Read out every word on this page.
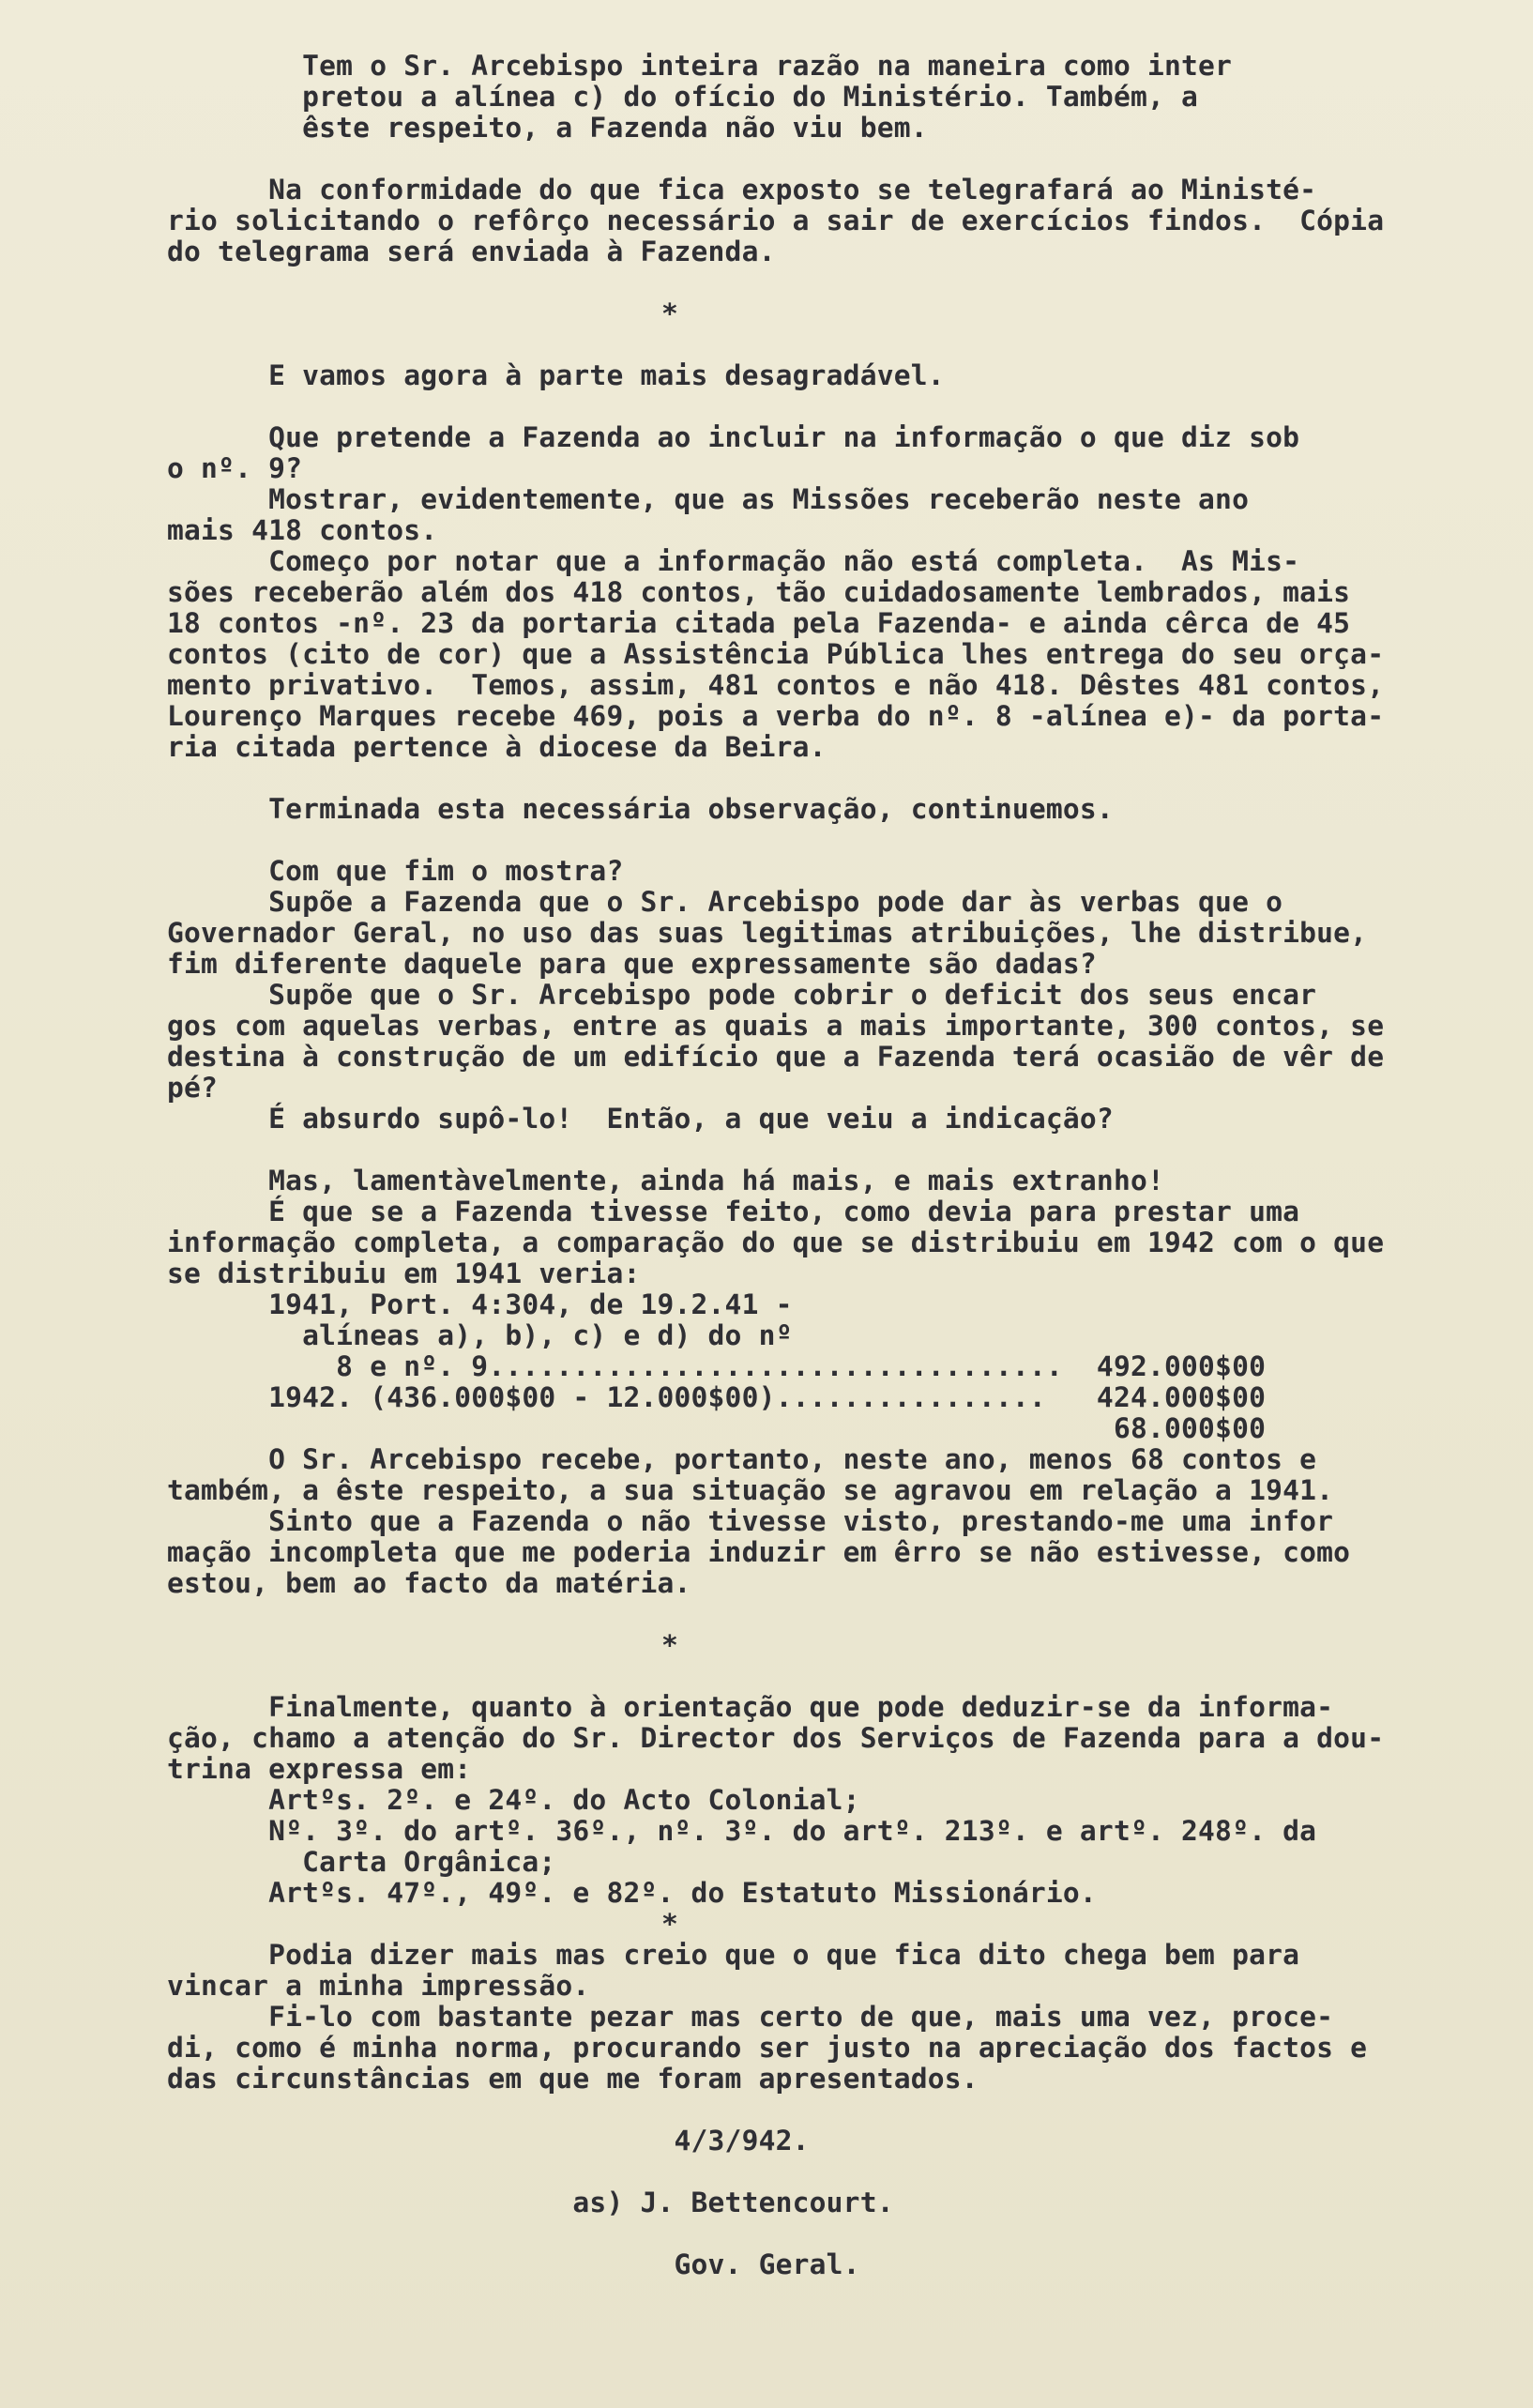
Tem o Sr. Arcebispo inteira razão na maneira como inter
pretou a alínea c) do ofício do Ministério. Também, a
êste respeito, a Fazenda não viu bem.

Na conformidade do que fica exposto se telegrafará ao Ministé-
rio solicitando o refôrço necessário a sair de exercícios findos.  Cópia
do telegrama será enviada à Fazenda.

*

E vamos agora à parte mais desagradável.

Que pretende a Fazenda ao incluir na informação o que diz sob
o nº. 9?
Mostrar, evidentemente, que as Missões receberão neste ano
mais 418 contos.
Começo por notar que a informação não está completa.  As Mis-
sões receberão além dos 418 contos, tão cuidadosamente lembrados, mais
18 contos -nº. 23 da portaria citada pela Fazenda- e ainda cêrca de 45
contos (cito de cor) que a Assistência Pública lhes entrega do seu orça-
mento privativo.  Temos, assim, 481 contos e não 418. Dêstes 481 contos,
Lourenço Marques recebe 469, pois a verba do nº. 8 -alínea e)- da porta-
ria citada pertence à diocese da Beira.

Terminada esta necessária observação, continuemos.

Com que fim o mostra?
Supõe a Fazenda que o Sr. Arcebispo pode dar às verbas que o
Governador Geral, no uso das suas legitimas atribuições, lhe distribue,
fim diferente daquele para que expressamente são dadas?
Supõe que o Sr. Arcebispo pode cobrir o deficit dos seus encar
gos com aquelas verbas, entre as quais a mais importante, 300 contos, se
destina à construção de um edifício que a Fazenda terá ocasião de vêr de
pé?
É absurdo supô-lo!  Então, a que veiu a indicação?

Mas, lamentàvelmente, ainda há mais, e mais extranho!
É que se a Fazenda tivesse feito, como devia para prestar uma
informação completa, a comparação do que se distribuiu em 1942 com o que
se distribuiu em 1941 veria:
1941, Port. 4:304, de 19.2.41 -
alíneas a), b), c) e d) do nº
8 e nº. 9..................................  492.000$00
1942. (436.000$00 - 12.000$00)................   424.000$00
68.000$00
O Sr. Arcebispo recebe, portanto, neste ano, menos 68 contos e
também, a êste respeito, a sua situação se agravou em relação a 1941.
Sinto que a Fazenda o não tivesse visto, prestando-me uma infor
mação incompleta que me poderia induzir em êrro se não estivesse, como
estou, bem ao facto da matéria.

*

Finalmente, quanto à orientação que pode deduzir-se da informa-
ção, chamo a atenção do Sr. Director dos Serviços de Fazenda para a dou-
trina expressa em:
Artºs. 2º. e 24º. do Acto Colonial;
Nº. 3º. do artº. 36º., nº. 3º. do artº. 213º. e artº. 248º. da
Carta Orgânica;
Artºs. 47º., 49º. e 82º. do Estatuto Missionário.
*
Podia dizer mais mas creio que o que fica dito chega bem para
vincar a minha impressão.
Fi-lo com bastante pezar mas certo de que, mais uma vez, proce-
di, como é minha norma, procurando ser justo na apreciação dos factos e
das circunstâncias em que me foram apresentados.

4/3/942.

as) J. Bettencourt.

Gov. Geral.
